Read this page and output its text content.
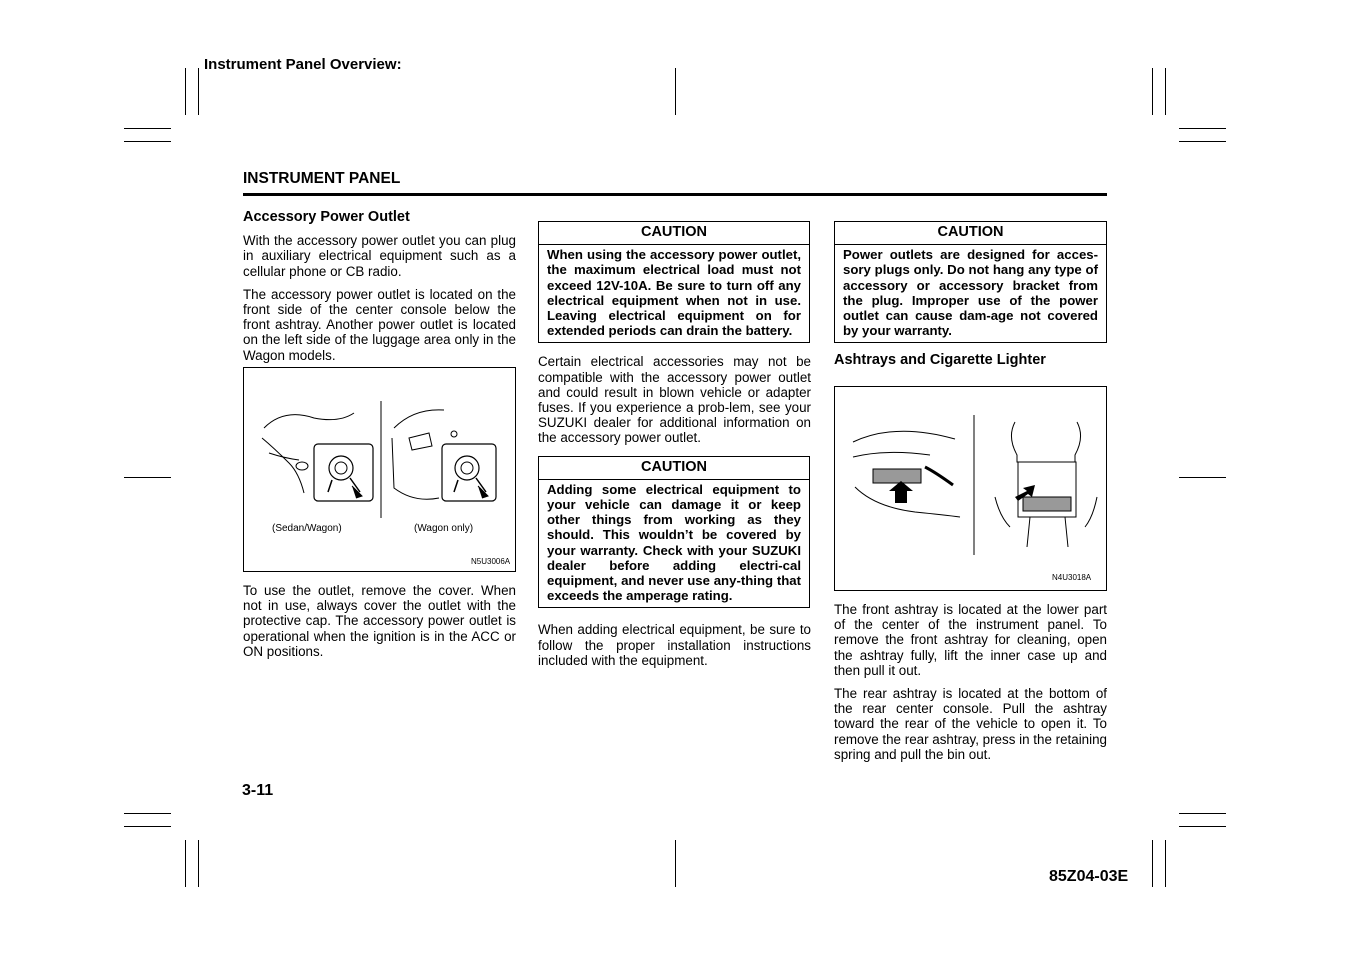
Instrument Panel Overview:
INSTRUMENT PANEL

Accessory Power Outlet

With the accessory power outlet you can plug in auxiliary electrical equipment such as a cellular phone or CB radio.

The accessory power outlet is located on the front side of the center console below the front ashtray. Another power outlet is located on the left side of the luggage area only in the Wagon models.

(Sedan/Wagon)	(Wagon only)
N5U3006A

To use the outlet, remove the cover. When not in use, always cover the outlet with the protective cap. The accessory power outlet is operational when the ignition is in the ACC or ON positions.

CAUTION
When using the accessory power outlet, the maximum electrical load must not exceed 12V-10A. Be sure to turn off any electrical equipment when not in use. Leaving electrical equipment on for extended periods can drain the battery.

Certain electrical accessories may not be compatible with the accessory power outlet and could result in blown vehicle or adapter fuses. If you experience a prob-lem, see your SUZUKI dealer for additional information on the accessory power outlet.

CAUTION
Adding some electrical equipment to your vehicle can damage it or keep other things from working as they should. This wouldn’t be covered by your warranty. Check with your SUZUKI dealer before adding electri-cal equipment, and never use any-thing that exceeds the amperage rating.

When adding electrical equipment, be sure to follow the proper installation instructions included with the equipment.

CAUTION
Power outlets are designed for acces-sory plugs only. Do not hang any type of accessory or accessory bracket from the plug. Improper use of the power outlet can cause dam-age not covered by your warranty.

Ashtrays and Cigarette Lighter

N4U3018A

The front ashtray is located at the lower part of the center of the instrument panel. To remove the front ashtray for cleaning, open the ashtray fully, lift the inner case up and then pull it out.

The rear ashtray is located at the bottom of the rear center console. Pull the ashtray toward the rear of the vehicle to open it. To remove the rear ashtray, press in the retaining spring and pull the bin out.

3-11
85Z04-03E
